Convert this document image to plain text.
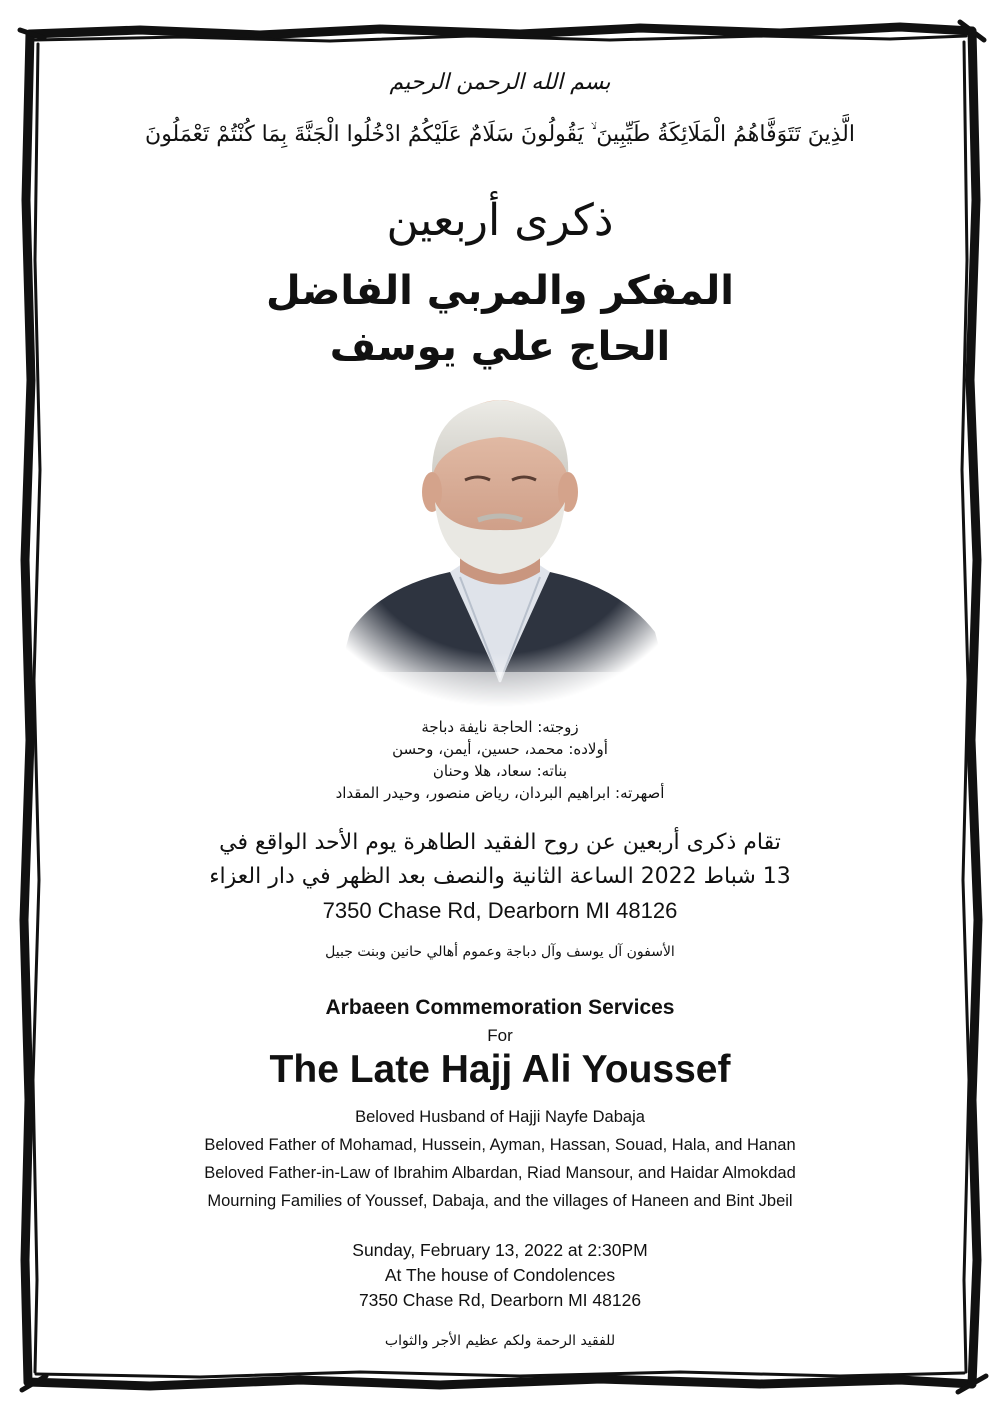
بسم الله الرحمن الرحيم
الَّذِينَ تَتَوَفَّاهُمُ الْمَلَائِكَةُ طَيِّبِينَ ۙ يَقُولُونَ سَلَامٌ عَلَيْكُمُ ادْخُلُوا الْجَنَّةَ بِمَا كُنْتُمْ تَعْمَلُونَ
ذكرى أربعين
المفكر والمربي الفاضل
الحاج علي يوسف
زوجته: الحاجة نايفة دباجة
أولاده: محمد، حسين، أيمن، وحسن
بناته: سعاد، هلا وحنان
أصهرته: ابراهيم البردان، رياض منصور، وحيدر المقداد
تقام ذكرى أربعين عن روح الفقيد الطاهرة يوم الأحد الواقع في
13 شباط 2022 الساعة الثانية والنصف بعد الظهر في دار العزاء
7350 Chase Rd, Dearborn MI 48126
الأسفون آل يوسف وآل دباجة وعموم أهالي حانين وبنت جبيل
Arbaeen Commemoration Services
For
The Late Hajj Ali Youssef
Beloved Husband of Hajji Nayfe Dabaja
Beloved Father of Mohamad, Hussein, Ayman, Hassan, Souad, Hala, and Hanan
Beloved Father-in-Law of Ibrahim Albardan, Riad Mansour, and Haidar Almokdad
Mourning Families of Youssef, Dabaja, and the villages of Haneen and Bint Jbeil
Sunday, February 13, 2022 at 2:30PM
At The house of Condolences
7350 Chase Rd, Dearborn MI 48126
للفقيد الرحمة ولكم عظيم الأجر والثواب
